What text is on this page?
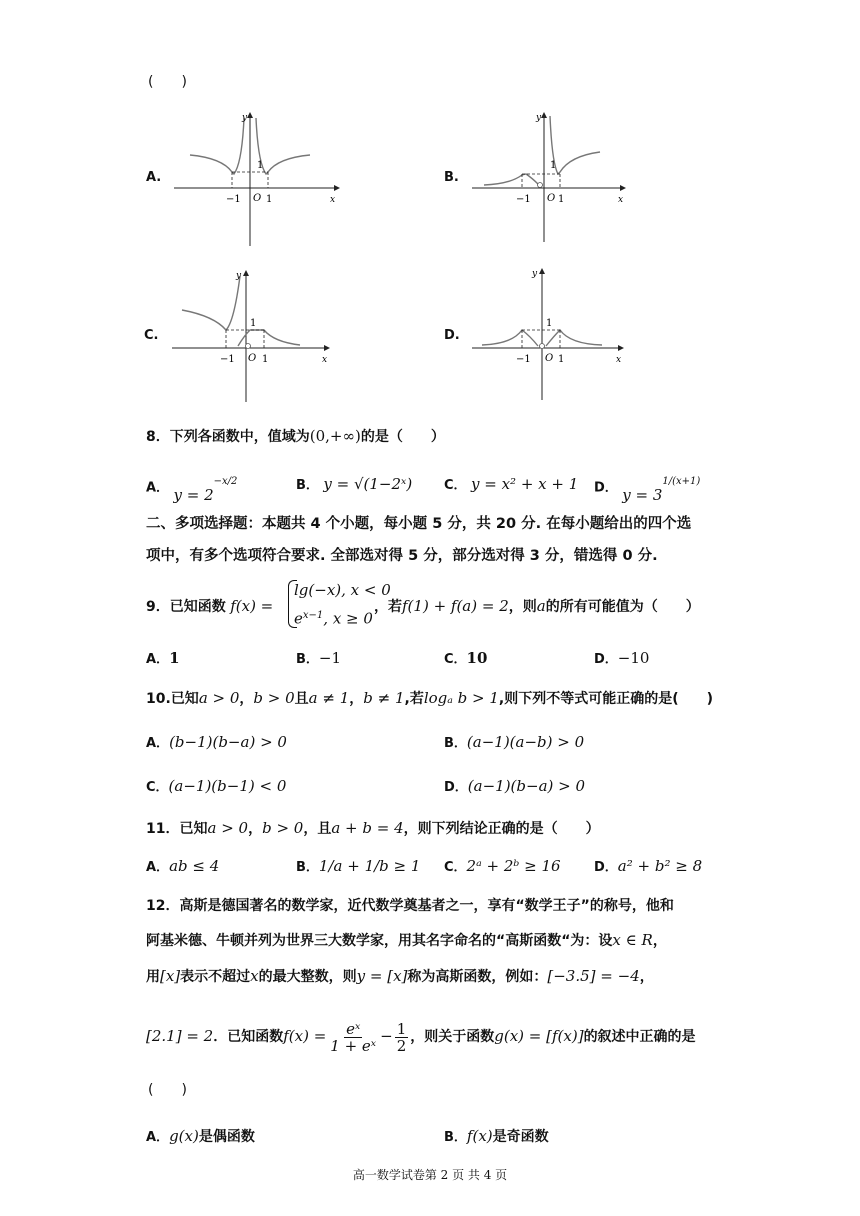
(　　)
A.
−1	1
O
1
x
y
B.
−1	1
O
1
x
y
C.
−1	1
O
1
x
y
D.
−1	1
O
1
x
y
8．下列各函数中，值域为(0,+∞)的是（　　）
A． $y = 2^{-x/2}$	B． y = √(1−2ˣ) C． y = x² + x + 1 D． $y = 3^{1/(x+1)}$
二、多项选择题：本题共 4 个小题，每小题 5 分，共 20 分. 在每小题给出的四个选
项中，有多个选项符合要求. 全部选对得 5 分，部分选对得 3 分，错选得 0 分.
9．已知函数 f(x) =
lg(−x), x < 0
$e^{x-1}$, x ≥ 0
，若f(1) + f(a) = 2，则a的所有可能值为（　　）
A．1	B．−1	C．10	D．−10
10.已知a > 0，b > 0且a ≠ 1，b ≠ 1,若logₐ b > 1,则下列不等式可能正确的是(　　)
A．(b−1)(b−a) > 0	B．(a−1)(a−b) > 0
C．(a−1)(b−1) < 0	D．(a−1)(b−a) > 0
11．已知a > 0，b > 0，且a + b = 4，则下列结论正确的是（　　）
A．ab ≤ 4	B．1/a + 1/b ≥ 1 C．2ᵃ + 2ᵇ ≥ 16	D．a² + b² ≥ 8
12．高斯是德国著名的数学家，近代数学奠基者之一，享有“数学王子”的称号，他和
阿基米德、牛顿并列为世界三大数学家，用其名字命名的“高斯函数“为：设x ∈ R，
用[x]表示不超过x的最大整数，则y = [x]称为高斯函数，例如：[−3.5] = −4，
[2.1] = 2．已知函数$f(x) = \frac{\text{eˣ}}{\text{1 + eˣ}} - \frac{1}{2}$ ，则关于函数g(x) = [f(x)]的叙述中正确的是
(　　)
A．g(x)是偶函数	B．f(x)是奇函数
高一数学试卷第 2 页 共 4 页
